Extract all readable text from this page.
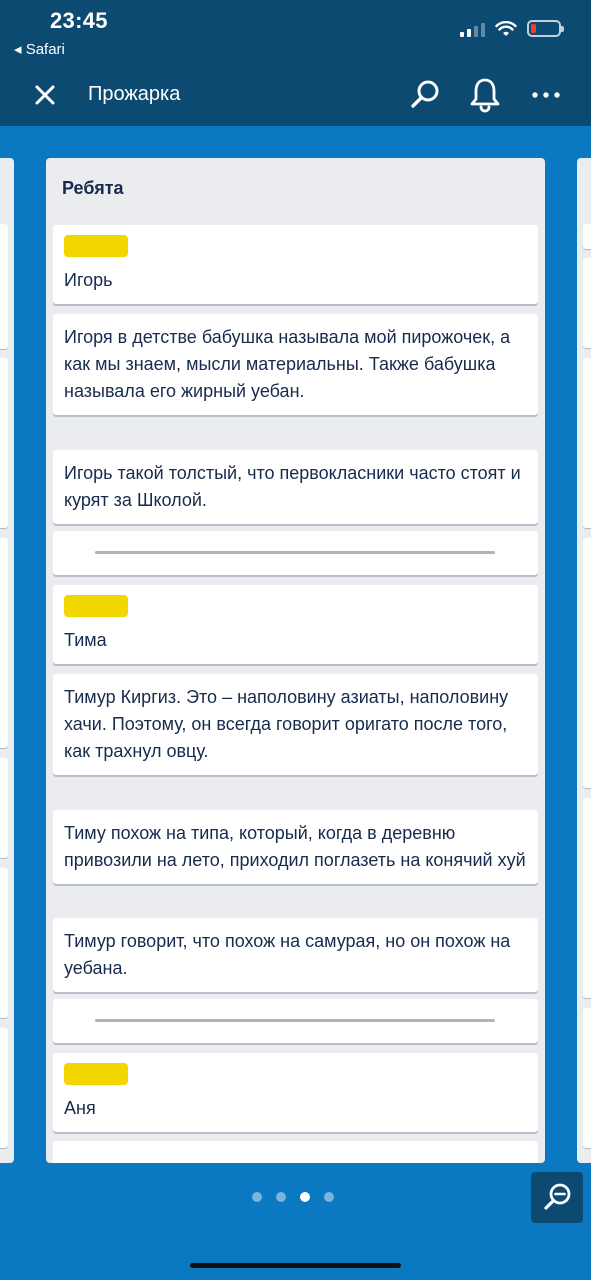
23:45
◂ Safari
Прожарка
Ребята
Игорь
Игоря в детстве бабушка называла мой пирожочек, а как мы знаем, мысли материальны. Также бабушка называла его жирный уебан.
Игорь такой толстый, что первокласники часто стоят и курят за Школой.
Тима
Тимур Киргиз. Это – наполовину азиаты, наполовину хачи. Поэтому, он всегда говорит оригато после того, как трахнул овцу.
Тиму похож на типа, который, когда в деревню привозили на лето, приходил поглазеть на конячий хуй
Тимур говорит, что похож на самурая, но он похож на уебана.
Аня
